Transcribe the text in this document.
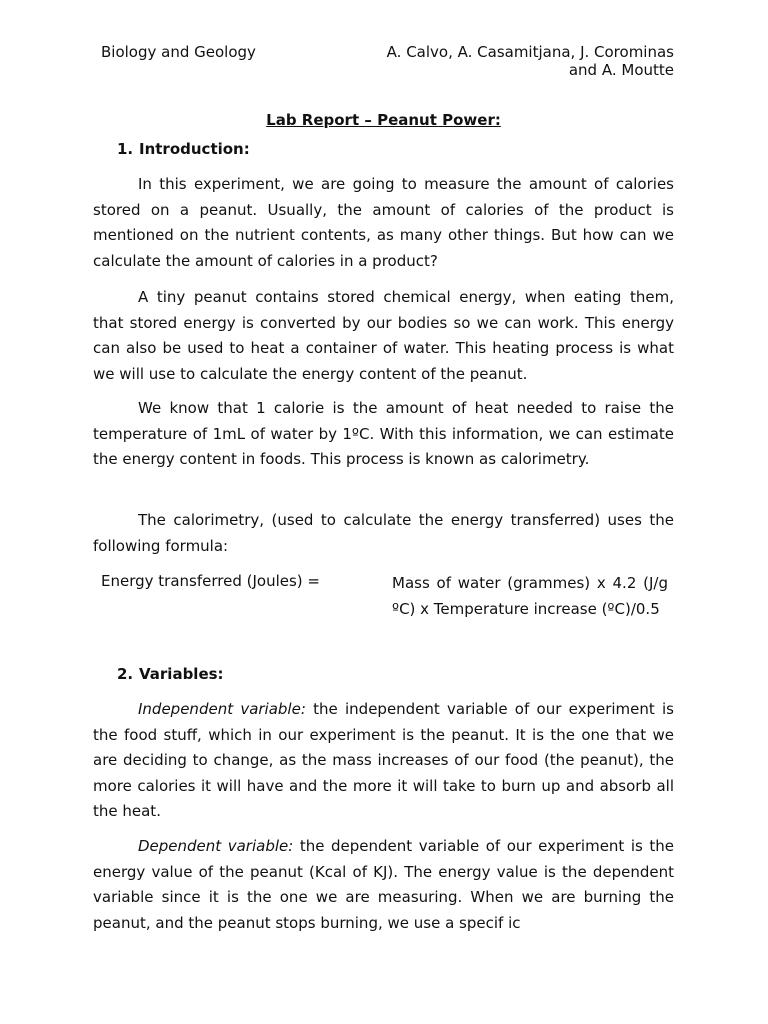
Biology and Geology	A. Calvo, A. Casamitjana, J. Corominas and A. Moutte
Lab Report – Peanut Power:
1. Introduction:

In this experiment, we are going to measure the amount of calories stored on a peanut. Usually, the amount of calories of the product is mentioned on the nutrient contents, as many other things. But how can we calculate the amount of calories in a product?

A tiny peanut contains stored chemical energy, when eating them, that stored energy is converted by our bodies so we can work. This energy can also be used to heat a container of water. This heating process is what we will use to calculate the energy content of the peanut.

We know that 1 calorie is the amount of heat needed to raise the temperature of 1mL of water by 1ºC. With this information, we can estimate the energy content in foods. This process is known as calorimetry.

The calorimetry, (used to calculate the energy transferred) uses the following formula:

Energy transferred (Joules) =	Mass of water (grammes) x 4.2 (J/g ºC) x Temperature increase (ºC)/0.5

2. Variables:

Independent variable: the independent variable of our experiment is the food stuff, which in our experiment is the peanut. It is the one that we are deciding to change, as the mass increases of our food (the peanut), the more calories it will have and the more it will take to burn up and absorb all the heat.

Dependent variable: the dependent variable of our experiment is the energy value of the peanut (Kcal of KJ). The energy value is the dependent variable since it is the one we are measuring. When we are burning the peanut, and the peanut stops burning, we use a specif ic
